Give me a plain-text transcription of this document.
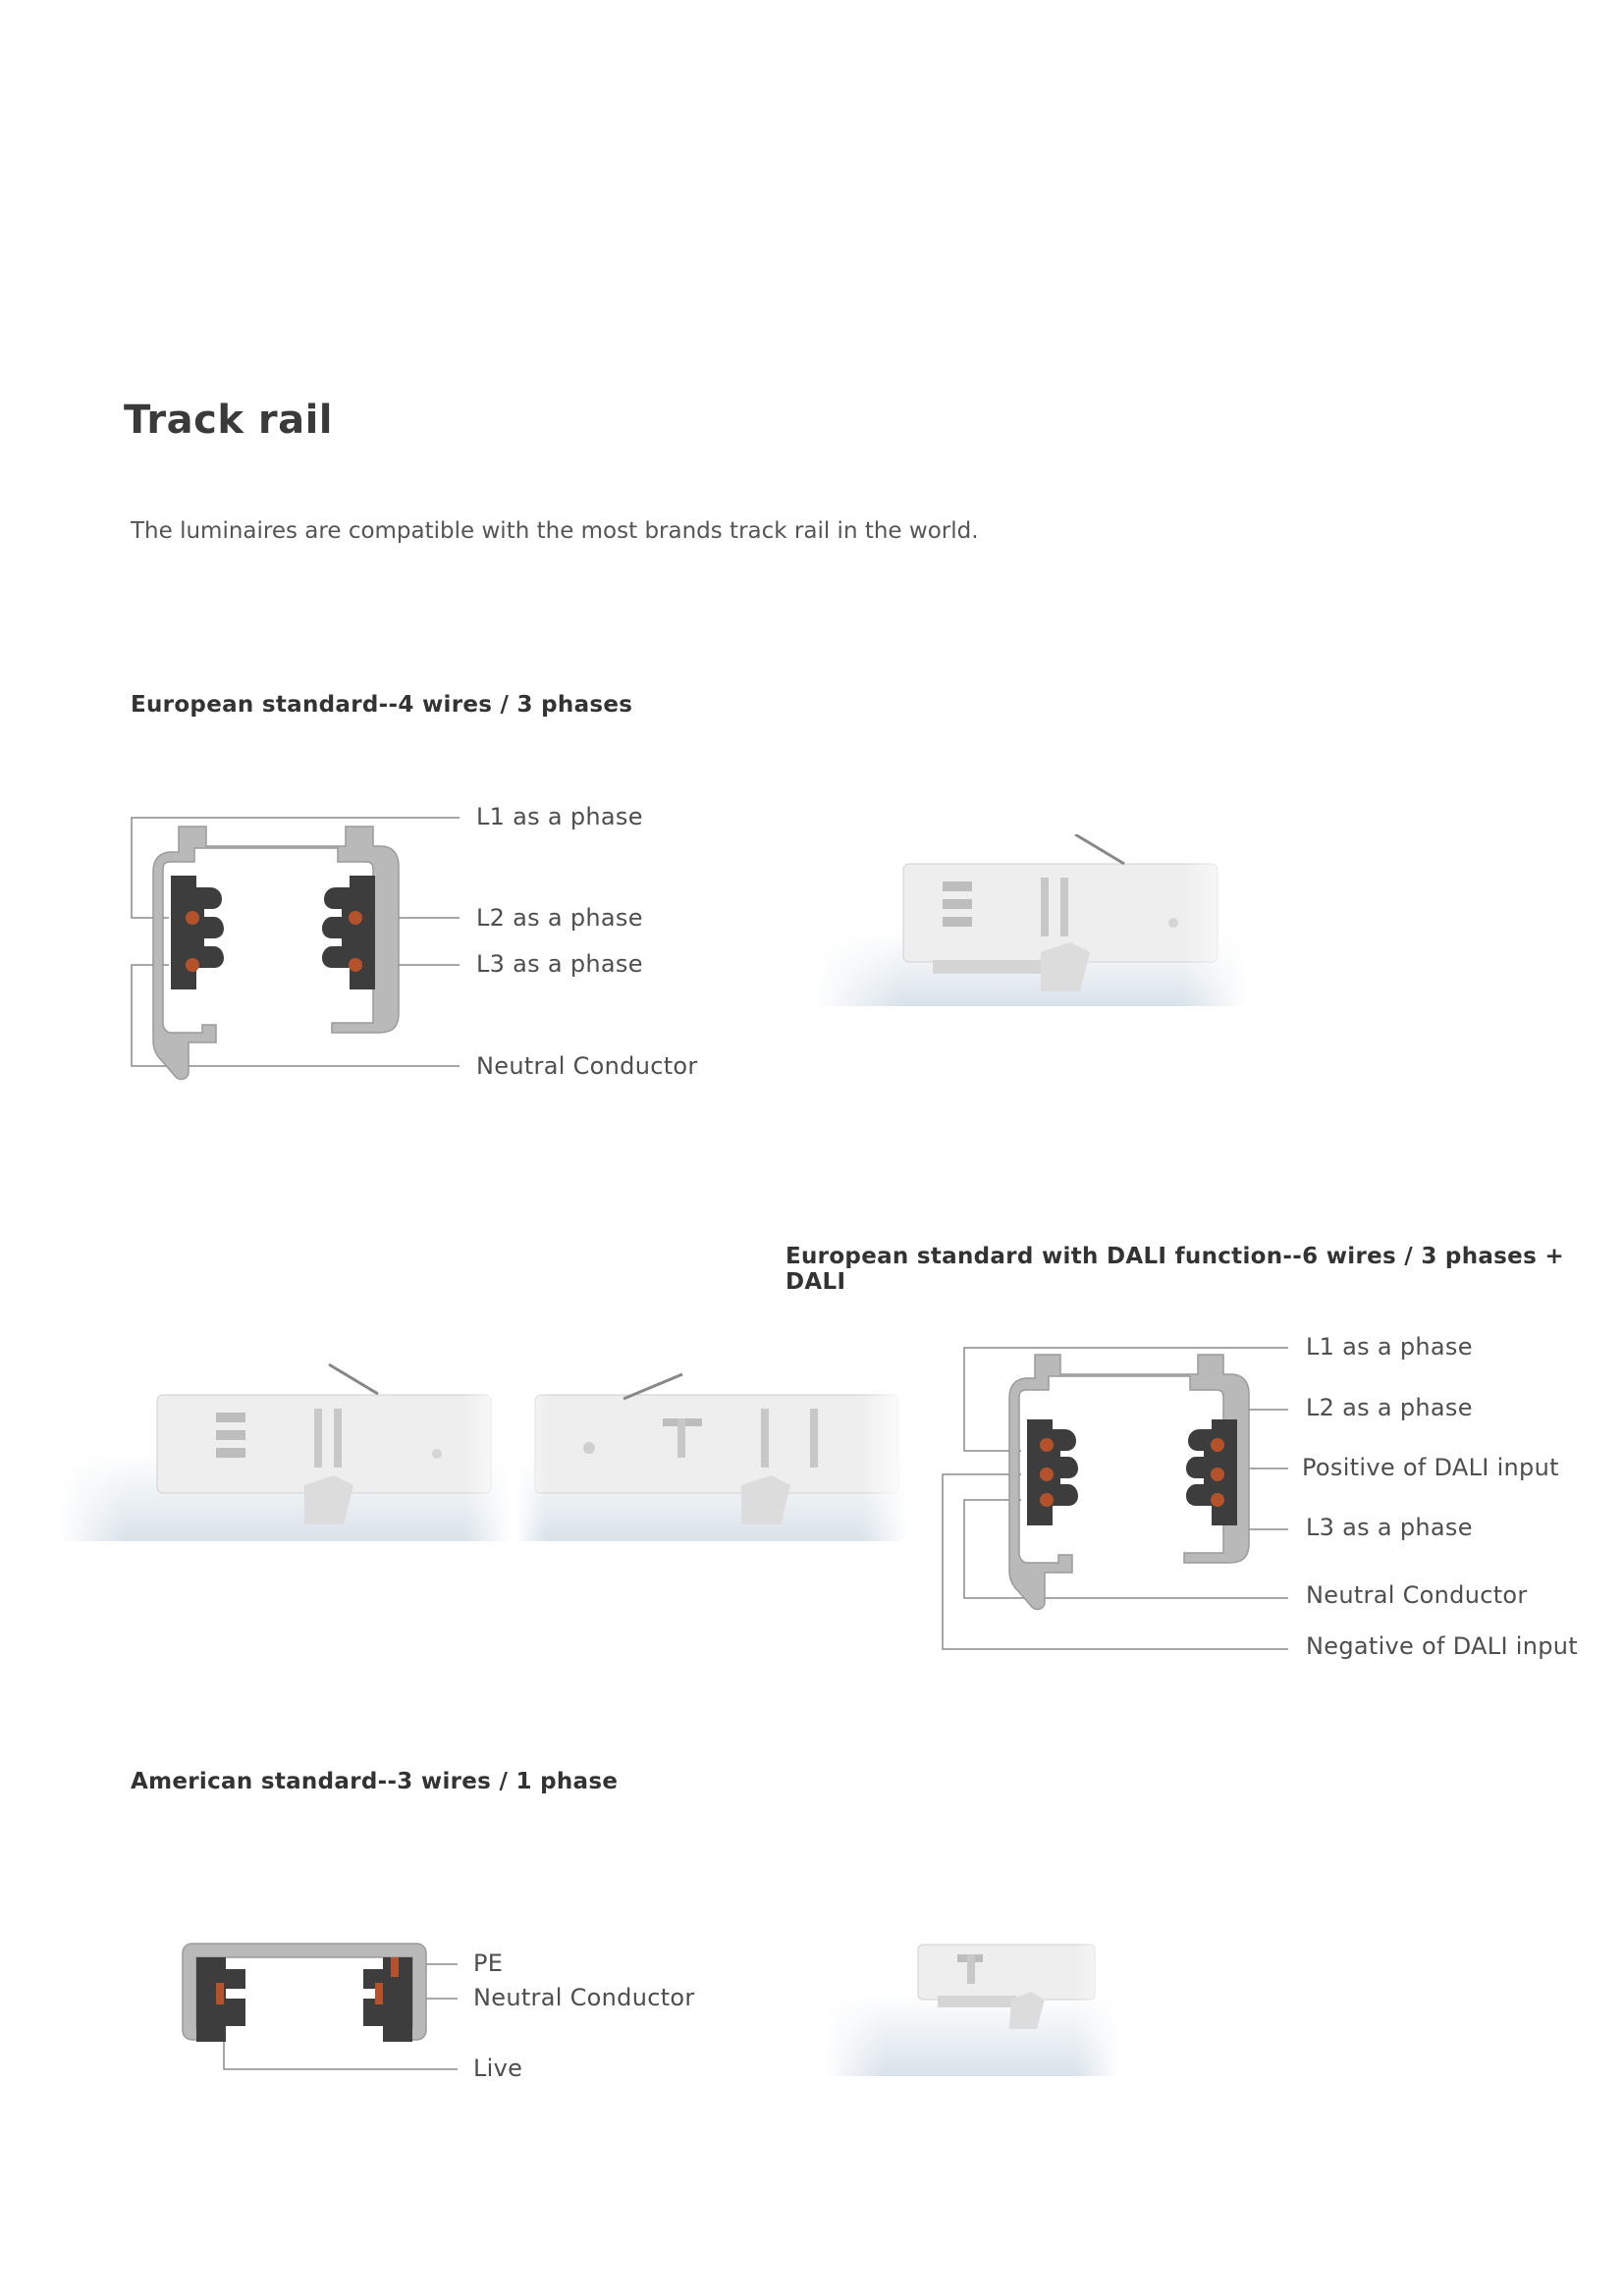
Track rail

The luminaires are compatible with the most brands track rail in the world.

European standard--4 wires / 3 phases
L1 as a phase
L2 as a phase
L3 as a phase
Neutral Conductor
European standard with DALI function--6 wires / 3 phases + DALI
L1 as a phase
L2 as a phase
Positive of DALI input
L3 as a phase
Neutral Conductor
Negative of DALI input
American standard--3 wires / 1 phase
PE
Neutral Conductor
Live
